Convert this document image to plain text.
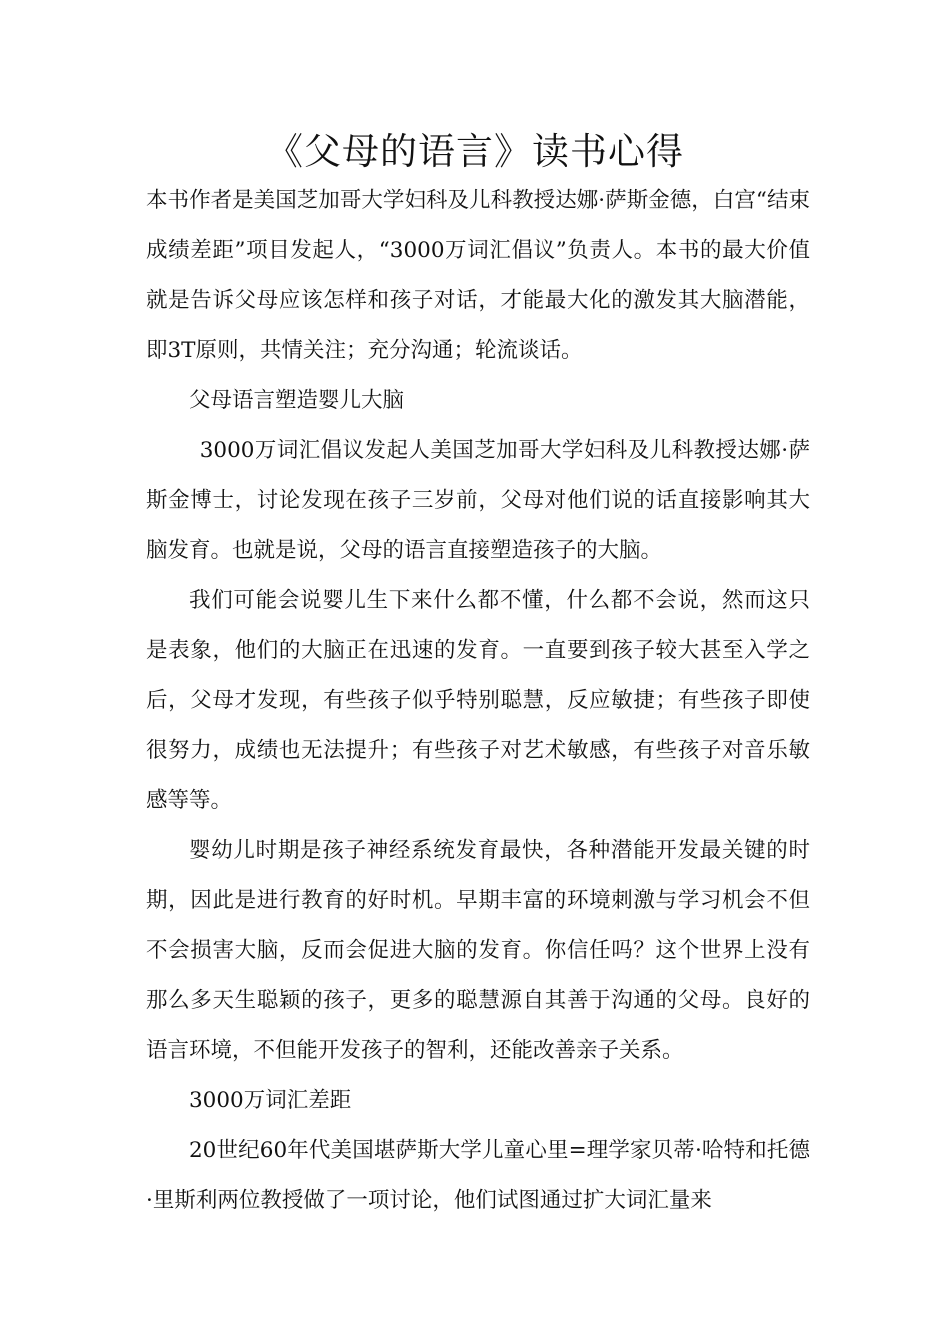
《父母的语言》读书心得

本书作者是美国芝加哥大学妇科及儿科教授达娜·萨斯金德，白宫“结束成绩差距”项目发起人，“3000万词汇倡议”负责人。本书的最大价值就是告诉父母应该怎样和孩子对话，才能最大化的激发其大脑潜能，即3T原则，共情关注；充分沟通；轮流谈话。

父母语言塑造婴儿大脑

3000万词汇倡议发起人美国芝加哥大学妇科及儿科教授达娜·萨斯金博士，讨论发现在孩子三岁前，父母对他们说的话直接影响其大脑发育。也就是说，父母的语言直接塑造孩子的大脑。

我们可能会说婴儿生下来什么都不懂，什么都不会说，然而这只是表象，他们的大脑正在迅速的发育。一直要到孩子较大甚至入学之后，父母才发现，有些孩子似乎特别聪慧，反应敏捷；有些孩子即使很努力，成绩也无法提升；有些孩子对艺术敏感，有些孩子对音乐敏感等等。

婴幼儿时期是孩子神经系统发育最快，各种潜能开发最关键的时期，因此是进行教育的好时机。早期丰富的环境刺激与学习机会不但不会损害大脑，反而会促进大脑的发育。你信任吗？这个世界上没有那么多天生聪颖的孩子，更多的聪慧源自其善于沟通的父母。良好的语言环境，不但能开发孩子的智利，还能改善亲子关系。

3000万词汇差距

20世纪60年代美国堪萨斯大学儿童心里=理学家贝蒂·哈特和托德·里斯利两位教授做了一项讨论，他们试图通过扩大词汇量来
